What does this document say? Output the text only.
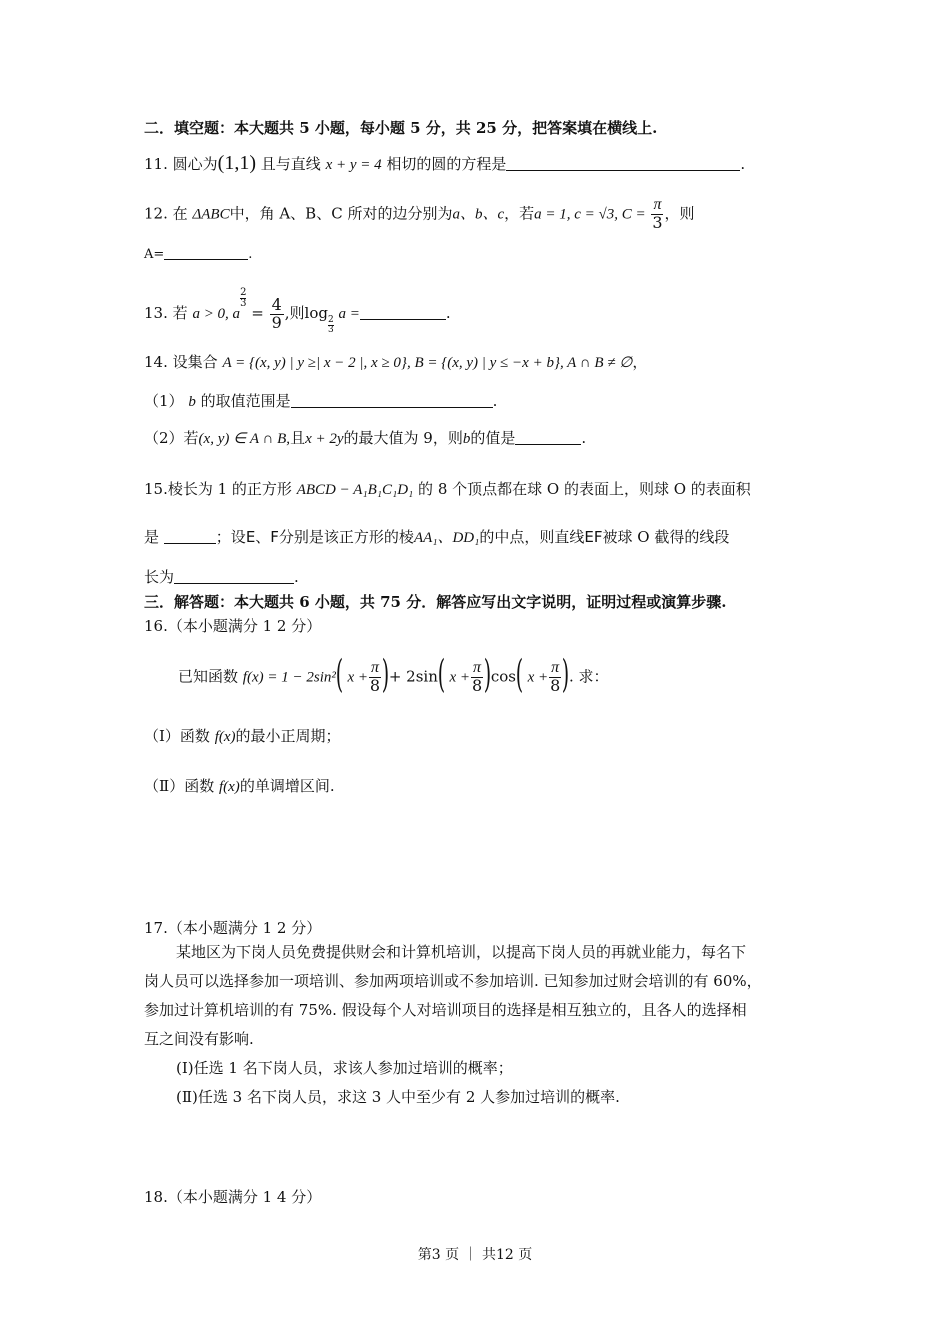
二．填空题：本大题共 5 小题，每小题 5 分，共 25 分，把答案填在横线上.
11. 圆心为(1,1) 且与直线 x + y = 4 相切的圆的方程是	.
12. 在 ΔABC中，角 A、B、C 所对的边分别为a、b、c，若a = 1, c = √3, $C = \frac{\pi}{3}$ ，则
A=	.
13. 若 a > 0, a
$\frac{2}{3}$
= $\frac{4}{9}$ ,则log
$\frac{2}{3}$
a =	.
14. 设集合 A = {(x, y) | y ≥| x − 2 |, x ≥ 0}, B = {(x, y) | y ≤ −x + b}, A ∩ B ≠ ∅，
（1） b 的取值范围是	.
（2）若(x, y) ∈ A ∩ B,且x + 2y的最大值为 9，则b的值是	.
15.棱长为 1 的正方形 ABCD − A₁B₁C₁D₁ 的 8 个顶点都在球 O 的表面上，则球 O 的表面积
是	；设E、F分别是该正方形的棱AA₁、DD₁的中点，则直线EF被球 O 截得的线段
长为	.
三．解答题：本大题共 6 小题，共 75 分．解答应写出文字说明，证明过程或演算步骤.
16.（本小题满分 1 2 分）
已知函数 f(x) = 1 − 2sin²( $x + \frac{\pi}{8}$ )+ 2sin( $x + \frac{\pi}{8} )\cos$( $x + \frac{\pi}{8}$ ). 求：
（Ⅰ）函数 f(x)的最小正周期；
（Ⅱ）函数 f(x)的单调增区间.
17.（本小题满分 1 2 分）
某地区为下岗人员免费提供财会和计算机培训，以提高下岗人员的再就业能力，每名下
岗人员可以选择参加一项培训、参加两项培训或不参加培训. 已知参加过财会培训的有 60%，
参加过计算机培训的有 75%. 假设每个人对培训项目的选择是相互独立的，且各人的选择相
互之间没有影响.
(Ⅰ)任选 1 名下岗人员，求该人参加过培训的概率；
(Ⅱ)任选 3 名下岗人员，求这 3 人中至少有 2 人参加过培训的概率.
18.（本小题满分 1 4 分）
第3 页 ｜ 共12 页
